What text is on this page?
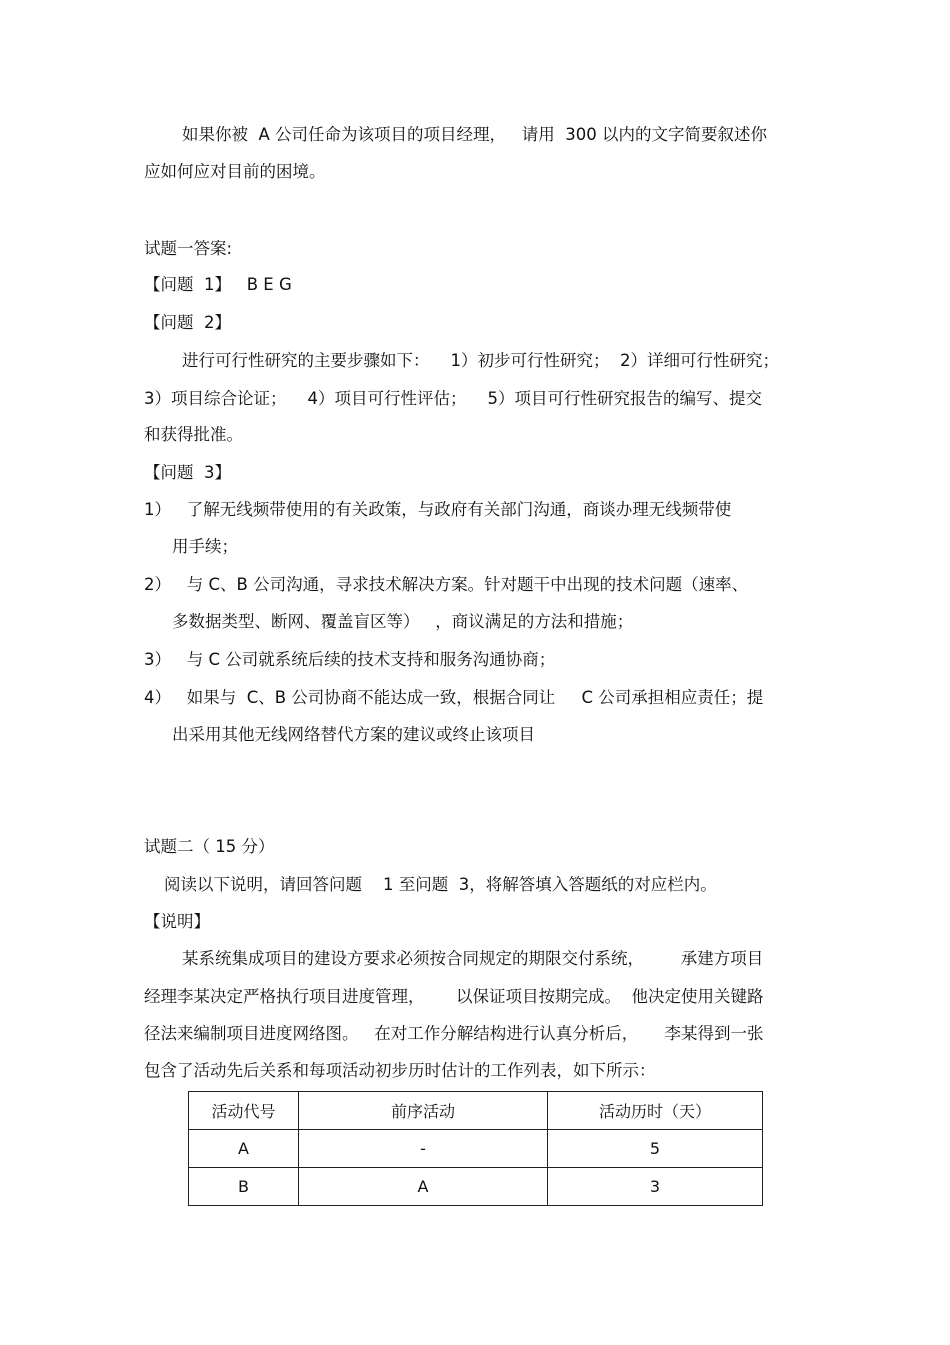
如果你被  A 公司任命为该项目的项目经理，   请用  300 以内的文字简要叙述你
应如何应对目前的困境。
试题一答案:
【问题  1】   B E G
【问题  2】
进行可行性研究的主要步骤如下：    1）初步可行性研究；  2）详细可行性研究；
3）项目综合论证；    4）项目可行性评估；    5）项目可行性研究报告的编写、提交
和获得批准。
【问题  3】
1）   了解无线频带使用的有关政策，与政府有关部门沟通，商谈办理无线频带使
用手续；
2）   与 C、B 公司沟通，寻求技术解决方案。针对题干中出现的技术问题（速率、
多数据类型、断网、覆盖盲区等）   ，商议满足的方法和措施；
3）   与 C 公司就系统后续的技术支持和服务沟通协商；
4）   如果与  C、B 公司协商不能达成一致，根据合同让     C 公司承担相应责任；提
出采用其他无线网络替代方案的建议或终止该项目
试题二（ 15 分）
阅读以下说明，请回答问题    1 至问题  3，将解答填入答题纸的对应栏内。
【说明】
某系统集成项目的建设方要求必须按合同规定的期限交付系统，       承建方项目
经理李某决定严格执行项目进度管理，      以保证项目按期完成。  他决定使用关键路
径法来编制项目进度网络图。   在对工作分解结构进行认真分析后，     李某得到一张
包含了活动先后关系和每项活动初步历时估计的工作列表，如下所示：
活动代号	前序活动	活动历时（天）
A	-	5
B	A	3
